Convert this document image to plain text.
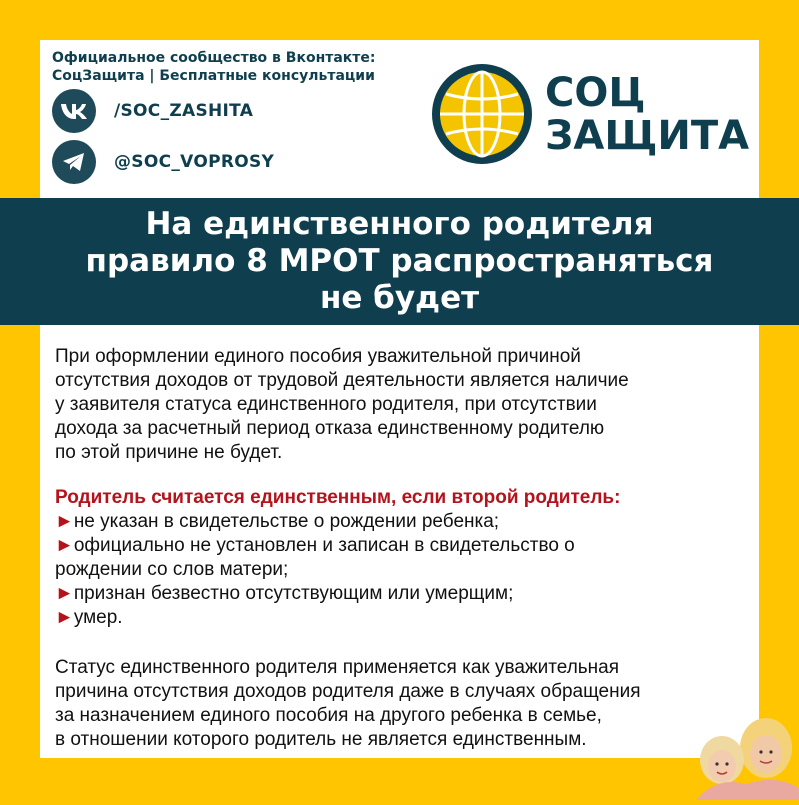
Официальное сообщество в Вконтакте:
СоцЗащита | Бесплатные консультации
/SOC_ZASHITA
@SOC_VOPROSY
СОЦ
ЗАЩИТА
На единственного родителя
правило 8 МРОТ распространяться
не будет
При оформлении единого пособия уважительной причиной
отсутствия доходов от трудовой деятельности является наличие
у заявителя статуса единственного родителя, при отсутствии
дохода за расчетный период отказа единственному родителю
по этой причине не будет.
Родитель считается единственным, если второй родитель:
►не указан в свидетельстве о рождении ребенка;
►официально не установлен и записан в свидетельство о
рождении со слов матери;
►признан безвестно отсутствующим или умерщим;
►умер.
Статус единственного родителя применяется как уважительная
причина отсутствия доходов родителя даже в случаях обращения
за назначением единого пособия на другого ребенка в семье,
в отношении которого родитель не является единственным.
